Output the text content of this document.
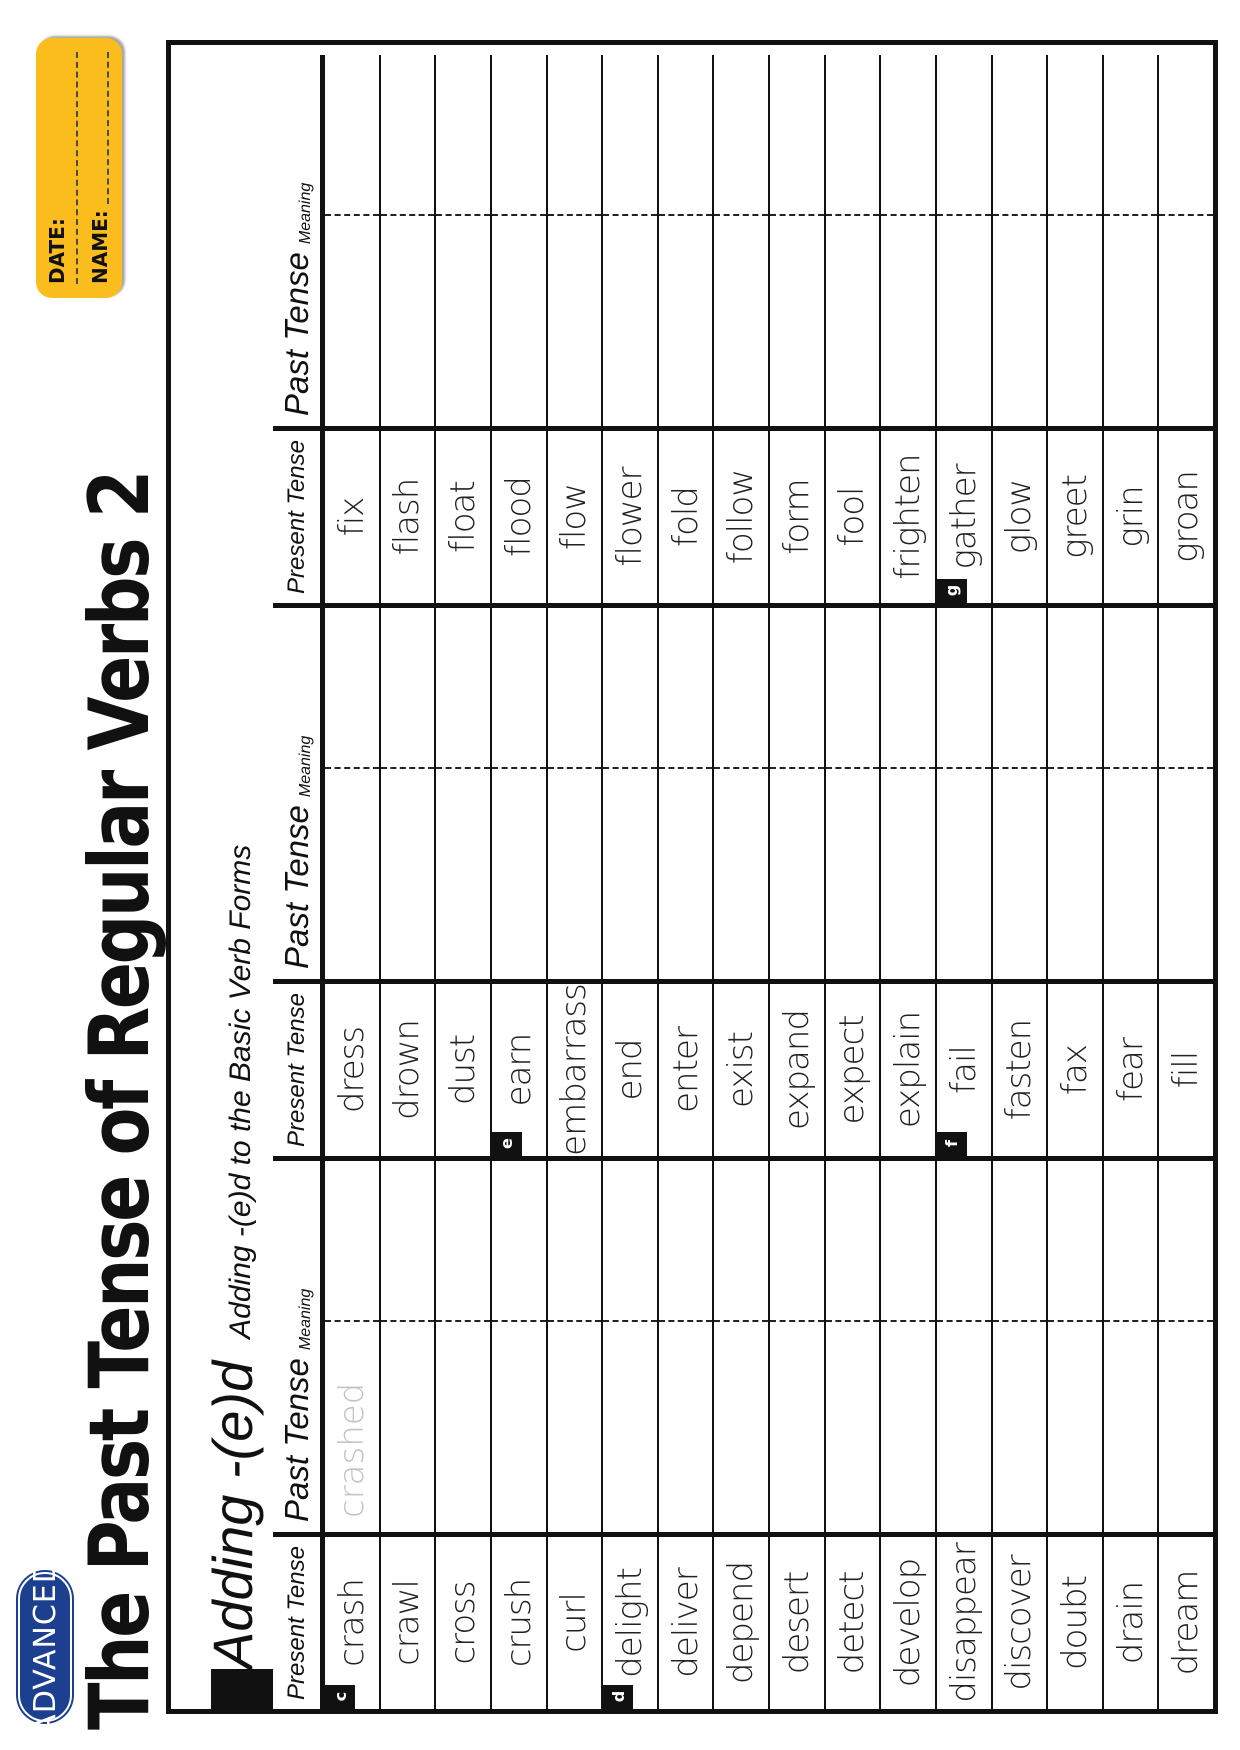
ADVANCED The Past Tense of Regular Verbs 2
DATE: NAME:
Adding -(e)d
Adding -(e)d to the Basic Verb Forms
Present Tense crash
c
crawl cross crush curl delight
d
deliver depend desert detect develop disappear discover doubt drain dream
Past Tense
Meaning
crashed
Present Tense dress drown dust earn
e embarrass end enter exist expand expect explain fail
f
fasten fax fear fill
Past Tense
Meaning
Present Tense fix flash float flood flow flower fold follow form fool frighten gather
g
glow greet grin groan
Past Tense
Meaning
